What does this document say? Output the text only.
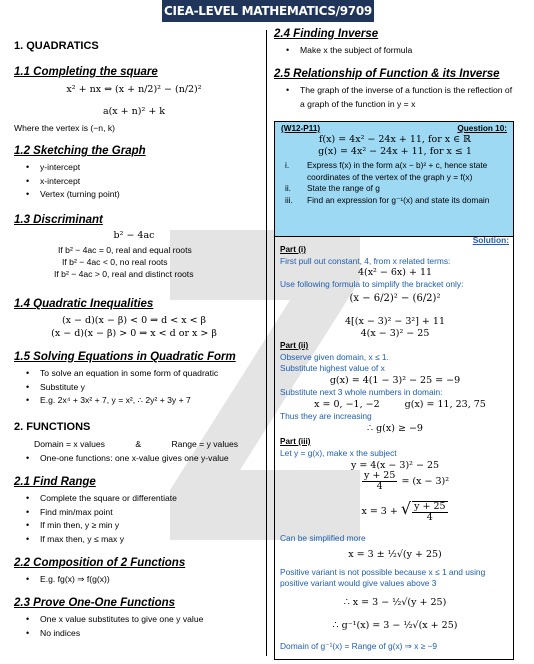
CIEA-LEVEL MATHEMATICS/9709
1. QUADRATICS
1.1 Completing the square
x² + nx ⇔ (x + n/2)² − (n/2)²
a(x + n)² + k
Where the vertex is (−n, k)
1.2 Sketching the Graph
• y-intercept
• x-intercept
• Vertex (turning point)
1.3 Discriminant
b² − 4ac
If b² − 4ac = 0, real and equal roots
If b² − 4ac < 0, no real roots
If b² − 4ac > 0, real and distinct roots
1.4 Quadratic Inequalities
(x − d)(x − β) < 0 ⇒ d < x < β
(x − d)(x − β) > 0 ⇒ x < d or x > β
1.5 Solving Equations in Quadratic Form
• To solve an equation in some form of quadratic
• Substitute y
• E.g. 2x⁴ + 3x² + 7, y = x², ∴ 2y² + 3y + 7
2. FUNCTIONS
Domain = x values	&	Range = y values
• One-one functions: one x-value gives one y-value
2.1 Find Range
• Complete the square or differentiate
• Find min/max point
• If min then, y ≥ min y
• If max then, y ≤ max y
2.2 Composition of 2 Functions
• E.g. fg(x) ⇒ f(g(x))
2.3 Prove One-One Functions
• One x value substitutes to give one y value
• No indices
2.4 Finding Inverse
• Make x the subject of formula
2.5 Relationship of Function & its Inverse
• The graph of the inverse of a function is the reflection of a graph of the function in y = x
(W12-P11)	Question 10:
f(x) = 4x² − 24x + 11, for x ∈ ℝ
g(x) = 4x² − 24x + 11, for x ≤ 1
i.	Express f(x) in the form a(x − b)² + c, hence state coordinates of the vertex of the graph y = f(x)
ii.	State the range of g
iii.	Find an expression for g⁻¹(x) and state its domain
Solution:
Part (i)
First pull out constant, 4, from x related terms:
4(x² − 6x) + 11
Use following formula to simplify the bracket only:
(x − 6/2)² − (6/2)²
4[(x − 3)² − 3²] + 11
4(x − 3)² − 25
Part (ii)
Observe given domain, x ≤ 1.
Substitute highest value of x
g(x) = 4(1 − 3)² − 25 = −9
Substitute next 3 whole numbers in domain:
x = 0, −1, −2	g(x) = 11, 23, 75
Thus they are increasing
∴ g(x) ≥ −9
Part (iii)
Let y = g(x), make x the subject
y = 4(x − 3)² − 25
$\frac{y + 25}{4} = (x - 3)^2$
x = 3 + √ $\frac{y + 25}{4}$
Can be simplified more
x = 3 ± ½√(y + 25)
Positive variant is not possible because x ≤ 1 and using positive variant would give values above 3
∴ x = 3 − ½√(y + 25)
∴ g⁻¹(x) = 3 − ½√(x + 25)
Domain of g⁻¹(x) = Range of g(x) ⇒ x ≥ −9
